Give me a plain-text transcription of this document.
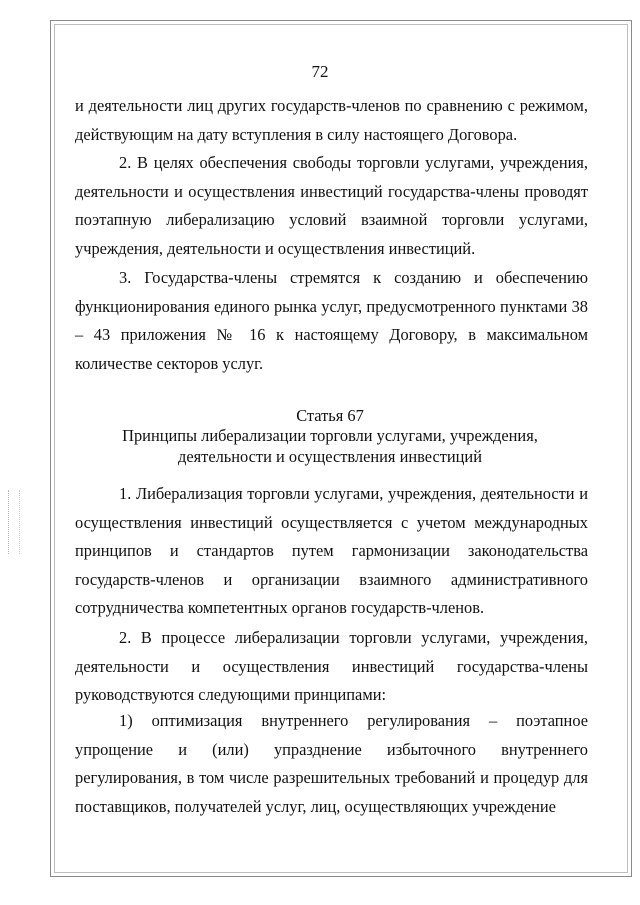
72

и деятельности лиц других государств-членов по сравнению с режимом, действующим на дату вступления в силу настоящего Договора.

2. В целях обеспечения свободы торговли услугами, учреждения, деятельности и осуществления инвестиций государства-члены проводят поэтапную либерализацию условий взаимной торговли услугами, учреждения, деятельности и осуществления инвестиций.

3. Государства-члены стремятся к созданию и обеспечению функционирования единого рынка услуг, предусмотренного пунктами 38 – 43 приложения № 16 к настоящему Договору, в максимальном количестве секторов услуг.

Статья 67
Принципы либерализации торговли услугами, учреждения, деятельности и осуществления инвестиций

1. Либерализация торговли услугами, учреждения, деятельности и осуществления инвестиций осуществляется с учетом международных принципов и стандартов путем гармонизации законодательства государств-членов и организации взаимного административного сотрудничества компетентных органов государств-членов.

2. В процессе либерализации торговли услугами, учреждения, деятельности и осуществления инвестиций государства-члены руководствуются следующими принципами:

1) оптимизация внутреннего регулирования – поэтапное упрощение и (или) упразднение избыточного внутреннего регулирования, в том числе разрешительных требований и процедур для поставщиков, получателей услуг, лиц, осуществляющих учреждение
